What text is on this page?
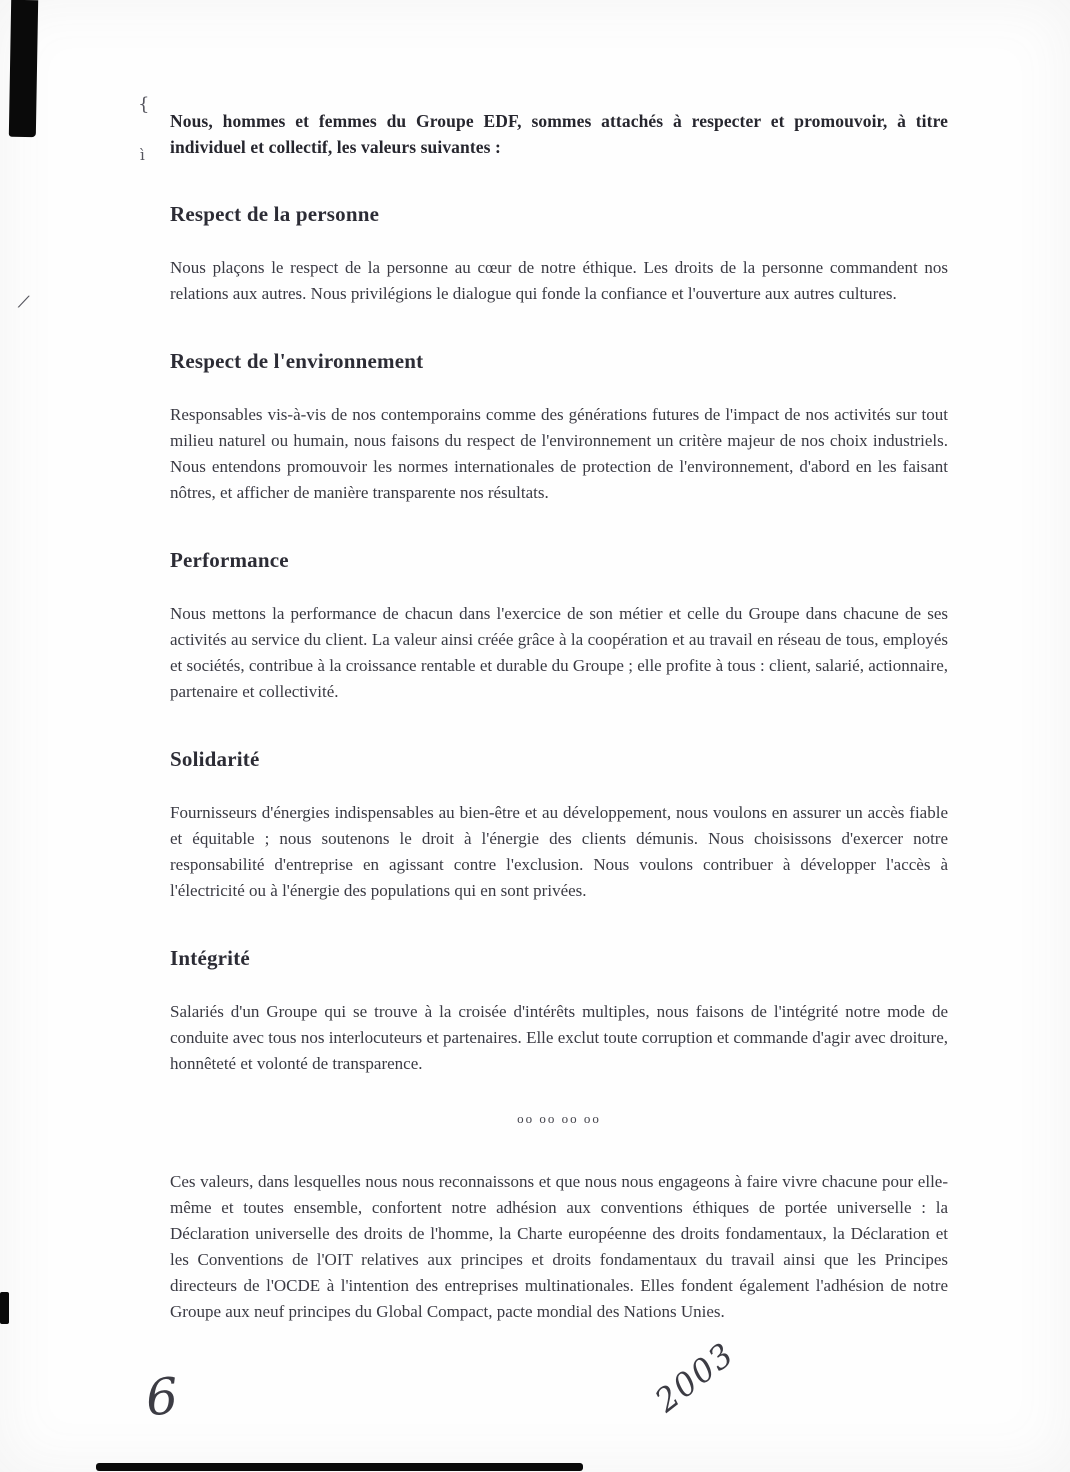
{
ì
⁄

Nous, hommes et femmes du Groupe EDF, sommes attachés à respecter et promouvoir, à titre individuel et collectif, les valeurs suivantes :

Respect de la personne

Nous plaçons le respect de la personne au cœur de notre éthique. Les droits de la personne commandent nos relations aux autres. Nous privilégions le dialogue qui fonde la confiance et l'ouverture aux autres cultures.

Respect de l'environnement

Responsables vis-à-vis de nos contemporains comme des générations futures de l'impact de nos activités sur tout milieu naturel ou humain, nous faisons du respect de l'environnement un critère majeur de nos choix industriels. Nous entendons promouvoir les normes internationales de protection de l'environnement, d'abord en les faisant nôtres, et afficher de manière transparente nos résultats.

Performance

Nous mettons la performance de chacun dans l'exercice de son métier et celle du Groupe dans chacune de ses activités au service du client. La valeur ainsi créée grâce à la coopération et au travail en réseau de tous, employés et sociétés, contribue à la croissance rentable et durable du Groupe ; elle profite à tous : client, salarié, actionnaire, partenaire et collectivité.

Solidarité

Fournisseurs d'énergies indispensables au bien-être et au développement, nous voulons en assurer un accès fiable et équitable ; nous soutenons le droit à l'énergie des clients démunis. Nous choisissons d'exercer notre responsabilité d'entreprise en agissant contre l'exclusion. Nous voulons contribuer à développer l'accès à l'électricité ou à l'énergie des populations qui en sont privées.

Intégrité

Salariés d'un Groupe qui se trouve à la croisée d'intérêts multiples, nous faisons de l'intégrité notre mode de conduite avec tous nos interlocuteurs et partenaires. Elle exclut toute corruption et commande d'agir avec droiture, honnêteté et volonté de transparence.

oo oo oo oo

Ces valeurs, dans lesquelles nous nous reconnaissons et que nous nous engageons à faire vivre chacune pour elle-même et toutes ensemble, confortent notre adhésion aux conventions éthiques de portée universelle : la Déclaration universelle des droits de l'homme, la Charte européenne des droits fondamentaux, la Déclaration et les Conventions de l'OIT relatives aux principes et droits fondamentaux du travail ainsi que les Principes directeurs de l'OCDE à l'intention des entreprises multinationales. Elles fondent également l'adhésion de notre Groupe aux neuf principes du Global Compact, pacte mondial des Nations Unies.

6	2003
